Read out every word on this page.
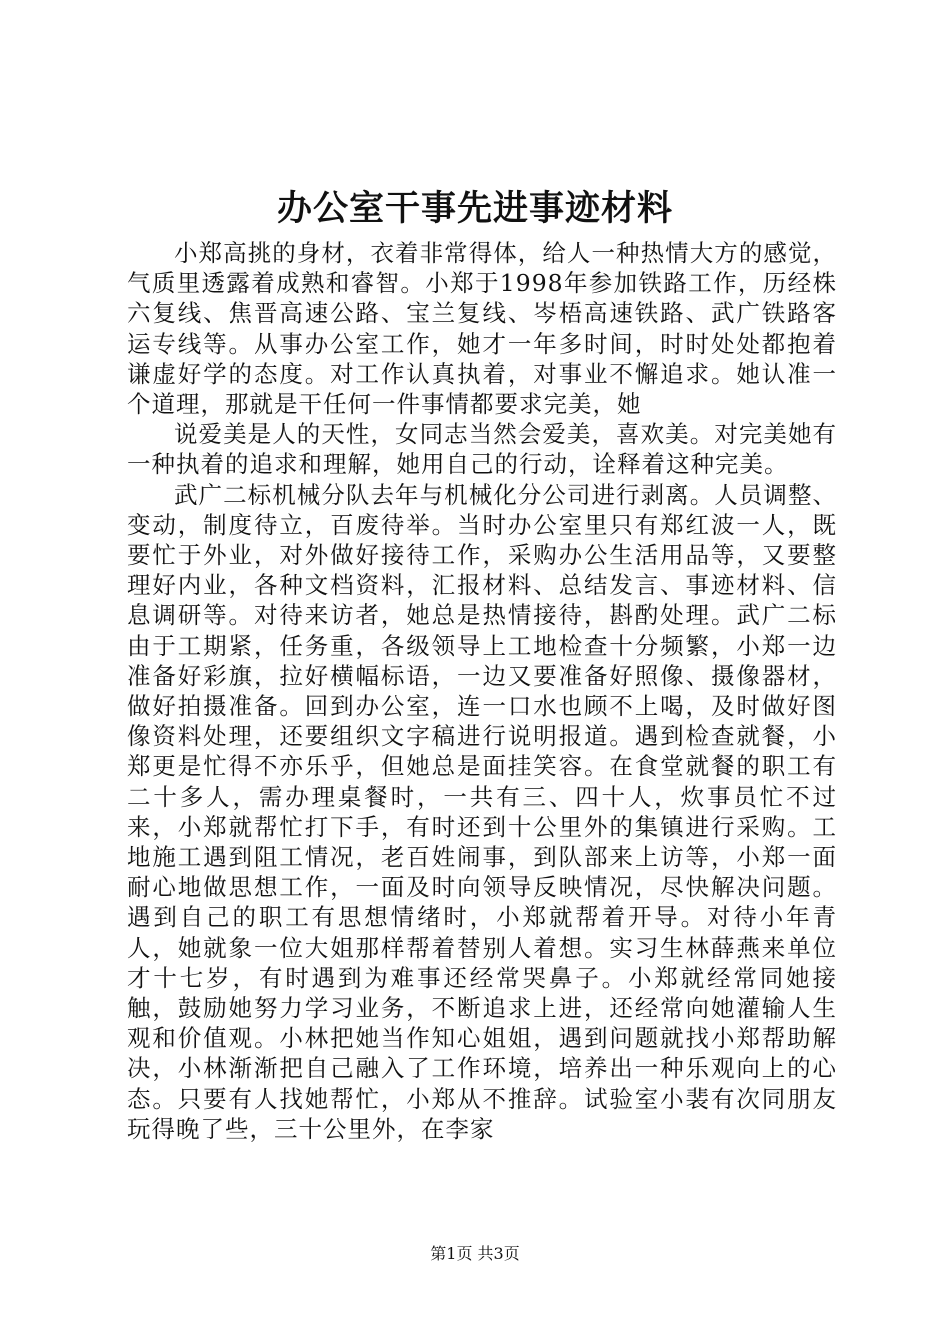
办公室干事先进事迹材料

小郑高挑的身材，衣着非常得体，给人一种热情大方的感觉，气质里透露着成熟和睿智。小郑于1998年参加铁路工作，历经株六复线、焦晋高速公路、宝兰复线、岑梧高速铁路、武广铁路客运专线等。从事办公室工作，她才一年多时间，时时处处都抱着谦虚好学的态度。对工作认真执着，对事业不懈追求。她认准一个道理，那就是干任何一件事情都要求完美，她

说爱美是人的天性，女同志当然会爱美，喜欢美。对完美她有一种执着的追求和理解，她用自己的行动，诠释着这种完美。

武广二标机械分队去年与机械化分公司进行剥离。人员调整、变动，制度待立，百废待举。当时办公室里只有郑红波一人，既要忙于外业，对外做好接待工作，采购办公生活用品等，又要整理好内业，各种文档资料，汇报材料、总结发言、事迹材料、信息调研等。对待来访者，她总是热情接待，斟酌处理。武广二标由于工期紧，任务重，各级领导上工地检查十分频繁，小郑一边准备好彩旗，拉好横幅标语，一边又要准备好照像、摄像器材，做好拍摄准备。回到办公室，连一口水也顾不上喝，及时做好图像资料处理，还要组织文字稿进行说明报道。遇到检查就餐，小郑更是忙得不亦乐乎，但她总是面挂笑容。在食堂就餐的职工有二十多人，需办理桌餐时，一共有三、四十人，炊事员忙不过来，小郑就帮忙打下手，有时还到十公里外的集镇进行采购。工地施工遇到阻工情况，老百姓闹事，到队部来上访等，小郑一面耐心地做思想工作，一面及时向领导反映情况，尽快解决问题。遇到自己的职工有思想情绪时，小郑就帮着开导。对待小年青人，她就象一位大姐那样帮着替别人着想。实习生林薛燕来单位才十七岁，有时遇到为难事还经常哭鼻子。小郑就经常同她接触，鼓励她努力学习业务，不断追求上进，还经常向她灌输人生观和价值观。小林把她当作知心姐姐，遇到问题就找小郑帮助解决，小林渐渐把自己融入了工作环境，培养出一种乐观向上的心态。只要有人找她帮忙，小郑从不推辞。试验室小裴有次同朋友玩得晚了些，三十公里外，在李家

第1页 共3页
